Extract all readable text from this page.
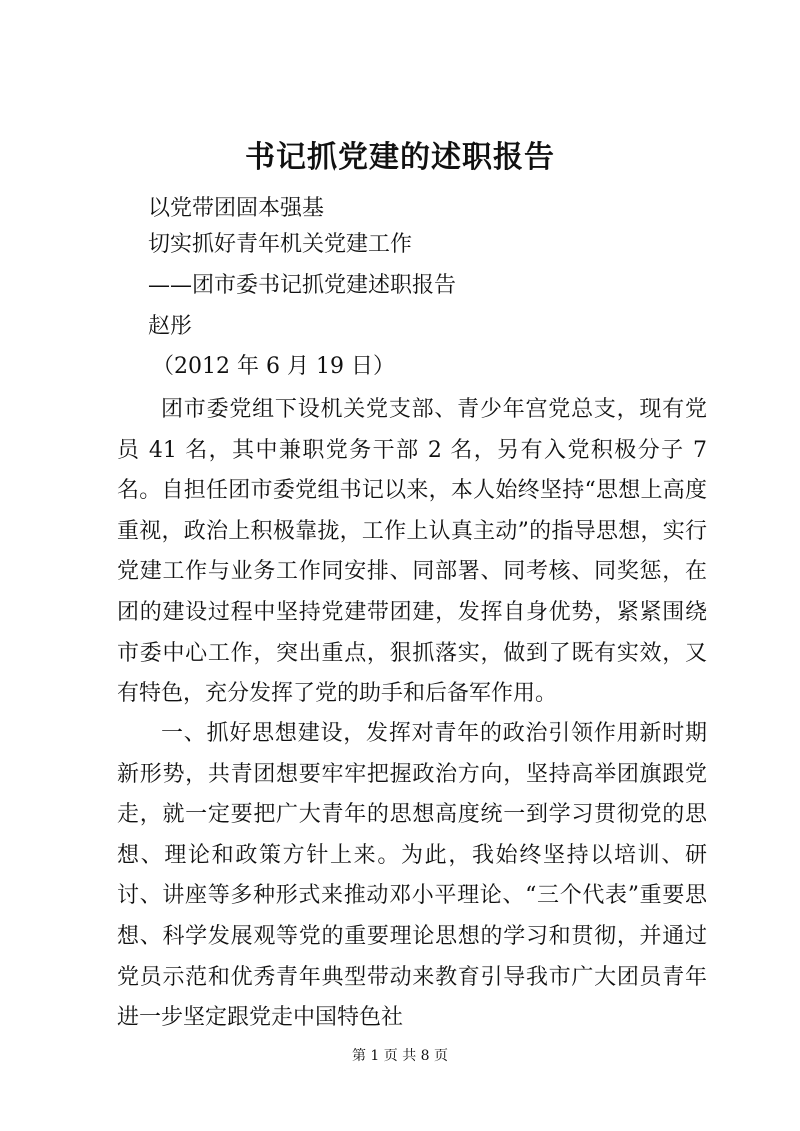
书记抓党建的述职报告
以党带团固本强基
切实抓好青年机关党建工作
——团市委书记抓党建述职报告
赵彤
（2012 年 6 月 19 日）

团市委党组下设机关党支部、青少年宫党总支，现有党员 41 名，其中兼职党务干部 2 名，另有入党积极分子 7 名。自担任团市委党组书记以来，本人始终坚持“思想上高度重视，政治上积极靠拢，工作上认真主动”的指导思想，实行党建工作与业务工作同安排、同部署、同考核、同奖惩，在团的建设过程中坚持党建带团建，发挥自身优势，紧紧围绕市委中心工作，突出重点，狠抓落实，做到了既有实效，又有特色，充分发挥了党的助手和后备军作用。

一、抓好思想建设，发挥对青年的政治引领作用新时期新形势，共青团想要牢牢把握政治方向，坚持高举团旗跟党走，就一定要把广大青年的思想高度统一到学习贯彻党的思想、理论和政策方针上来。为此，我始终坚持以培训、研讨、讲座等多种形式来推动邓小平理论、“三个代表”重要思想、科学发展观等党的重要理论思想的学习和贯彻，并通过党员示范和优秀青年典型带动来教育引导我市广大团员青年进一步坚定跟党走中国特色社

第 1 页 共 8 页
